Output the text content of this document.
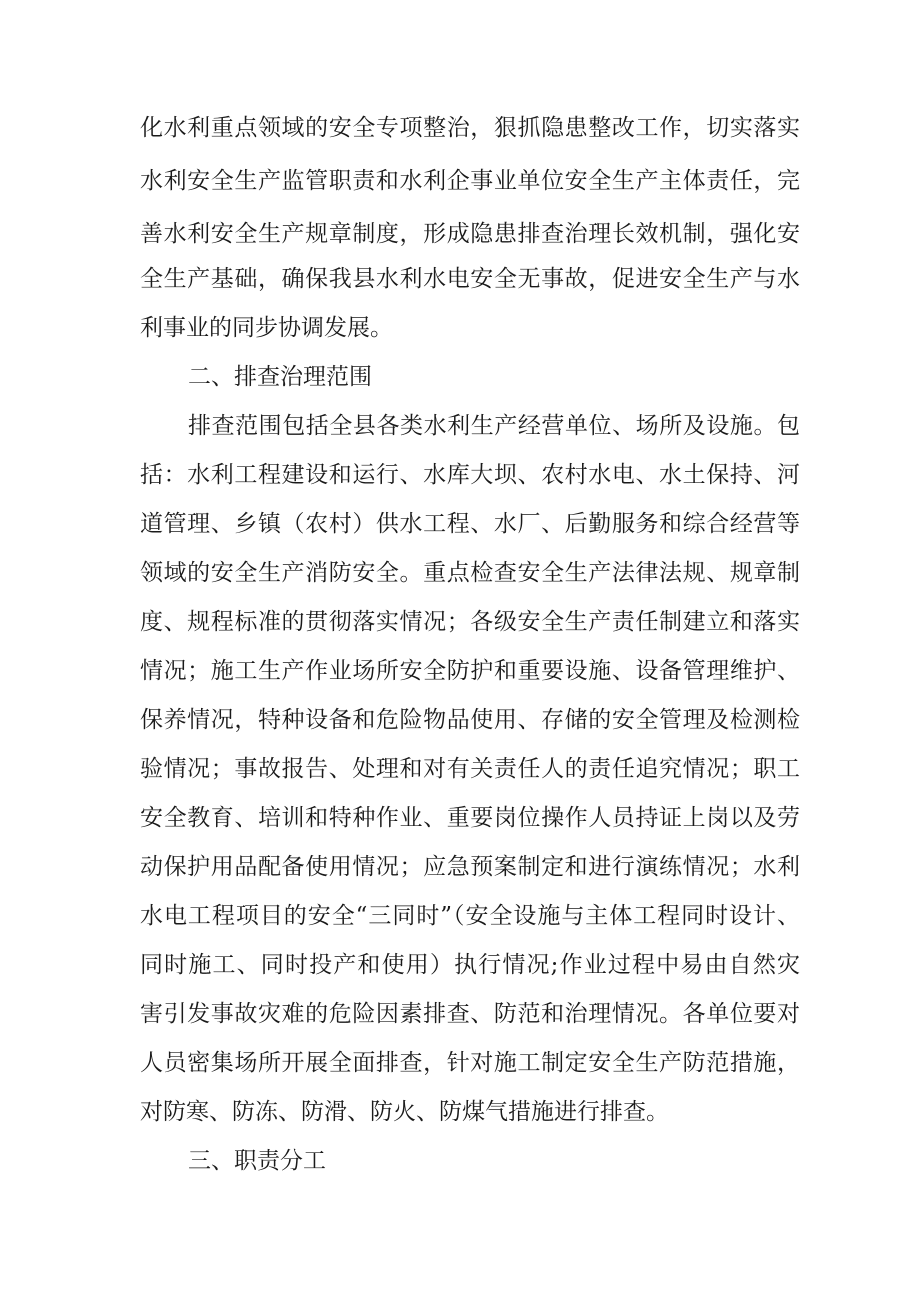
化水利重点领域的安全专项整治，狠抓隐患整改工作，切实落实
水利安全生产监管职责和水利企事业单位安全生产主体责任，完
善水利安全生产规章制度，形成隐患排查治理长效机制，强化安
全生产基础，确保我县水利水电安全无事故，促进安全生产与水
利事业的同步协调发展。
二、排查治理范围
排查范围包括全县各类水利生产经营单位、场所及设施。包
括：水利工程建设和运行、水库大坝、农村水电、水土保持、河
道管理、乡镇（农村）供水工程、水厂、后勤服务和综合经营等
领域的安全生产消防安全。重点检查安全生产法律法规、规章制
度、规程标准的贯彻落实情况；各级安全生产责任制建立和落实
情况；施工生产作业场所安全防护和重要设施、设备管理维护、
保养情况，特种设备和危险物品使用、存储的安全管理及检测检
验情况；事故报告、处理和对有关责任人的责任追究情况；职工
安全教育、培训和特种作业、重要岗位操作人员持证上岗以及劳
动保护用品配备使用情况；应急预案制定和进行演练情况；水利
水电工程项目的安全“三同时”（安全设施与主体工程同时设计、
同时施工、同时投产和使用）执行情况;作业过程中易由自然灾
害引发事故灾难的危险因素排查、防范和治理情况。各单位要对
人员密集场所开展全面排查，针对施工制定安全生产防范措施，
对防寒、防冻、防滑、防火、防煤气措施进行排查。
三、职责分工
